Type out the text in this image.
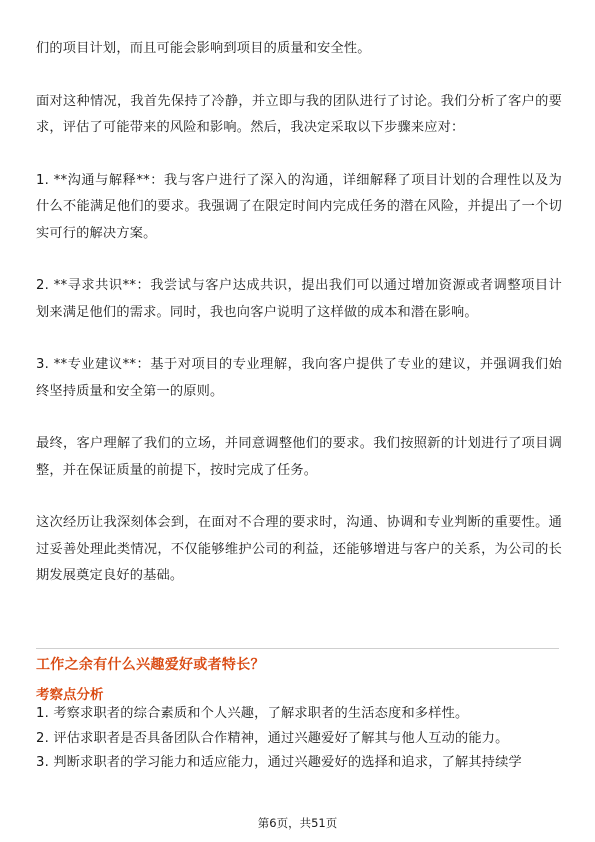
们的项目计划，而且可能会影响到项目的质量和安全性。

面对这种情况，我首先保持了冷静，并立即与我的团队进行了讨论。我们分析了客户的要求，评估了可能带来的风险和影响。然后，我决定采取以下步骤来应对：

1. **沟通与解释**：我与客户进行了深入的沟通，详细解释了项目计划的合理性以及为什么不能满足他们的要求。我强调了在限定时间内完成任务的潜在风险，并提出了一个切实可行的解决方案。

2. **寻求共识**：我尝试与客户达成共识，提出我们可以通过增加资源或者调整项目计划来满足他们的需求。同时，我也向客户说明了这样做的成本和潜在影响。

3. **专业建议**：基于对项目的专业理解，我向客户提供了专业的建议，并强调我们始终坚持质量和安全第一的原则。

最终，客户理解了我们的立场，并同意调整他们的要求。我们按照新的计划进行了项目调整，并在保证质量的前提下，按时完成了任务。

这次经历让我深刻体会到，在面对不合理的要求时，沟通、协调和专业判断的重要性。通过妥善处理此类情况，不仅能够维护公司的利益，还能够增进与客户的关系，为公司的长期发展奠定良好的基础。

工作之余有什么兴趣爱好或者特长？
考察点分析
1. 考察求职者的综合素质和个人兴趣，了解求职者的生活态度和多样性。
2. 评估求职者是否具备团队合作精神，通过兴趣爱好了解其与他人互动的能力。
3. 判断求职者的学习能力和适应能力，通过兴趣爱好的选择和追求，了解其持续学
第6页，共51页
